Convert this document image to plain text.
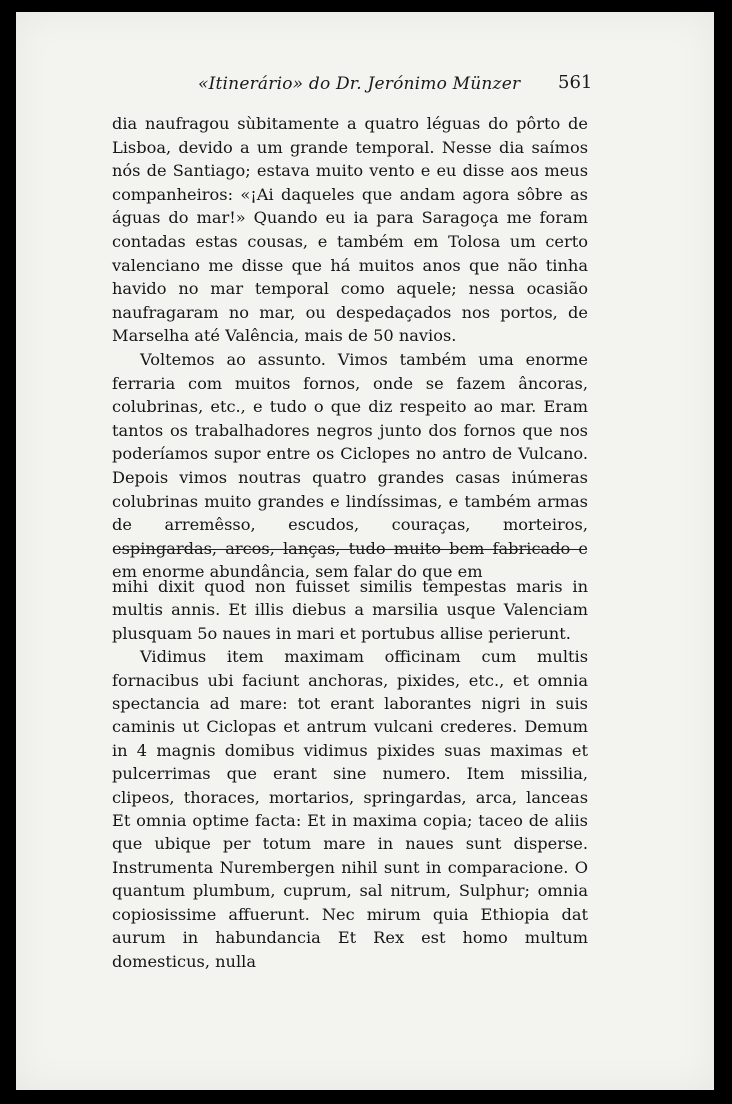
«Itinerário» do Dr. Jerónimo Münzer 561

dia naufragou sùbitamente a quatro léguas do pôrto de Lisboa, devido a um grande temporal. Nesse dia saímos nós de Santiago; estava muito vento e eu disse aos meus companheiros: «¡Ai daqueles que andam agora sôbre as águas do mar!» Quando eu ia para Saragoça me foram contadas estas cousas, e também em Tolosa um certo valenciano me disse que há muitos anos que não tinha havido no mar temporal como aquele; nessa ocasião naufragaram no mar, ou despedaçados nos portos, de Marselha até Valência, mais de 50 navios.

Voltemos ao assunto. Vimos também uma enorme ferraria com muitos fornos, onde se fazem âncoras, colubrinas, etc., e tudo o que diz respeito ao mar. Eram tantos os trabalhadores negros junto dos fornos que nos poderíamos supor entre os Ciclopes no antro de Vulcano. Depois vimos noutras quatro grandes casas inúmeras colubrinas muito grandes e lindíssimas, e também armas de arremêsso, escudos, couraças, morteiros, espingardas, arcos, lanças, tudo muito bem fabricado e em enorme abundância, sem falar do que em

mihi dixit quod non fuisset similis tempestas maris in multis annis. Et illis diebus a marsilia usque Valenciam plusquam 5o naues in mari et portubus allise perierunt.

Vidimus item maximam officinam cum multis fornacibus ubi faciunt anchoras, pixides, etc., et omnia spectancia ad mare: tot erant laborantes nigri in suis caminis ut Ciclopas et antrum vulcani crederes. Demum in 4 magnis domibus vidimus pixides suas maximas et pulcerrimas que erant sine numero. Item missilia, clipeos, thoraces, mortarios, springardas, arca, lanceas Et omnia optime facta: Et in maxima copia; taceo de aliis que ubique per totum mare in naues sunt disperse. Instrumenta Nurembergen nihil sunt in comparacione. O quantum plumbum, cuprum, sal nitrum, Sulphur; omnia copiosissime affuerunt. Nec mirum quia Ethiopia dat aurum in habundancia Et Rex est homo multum domesticus, nulla
